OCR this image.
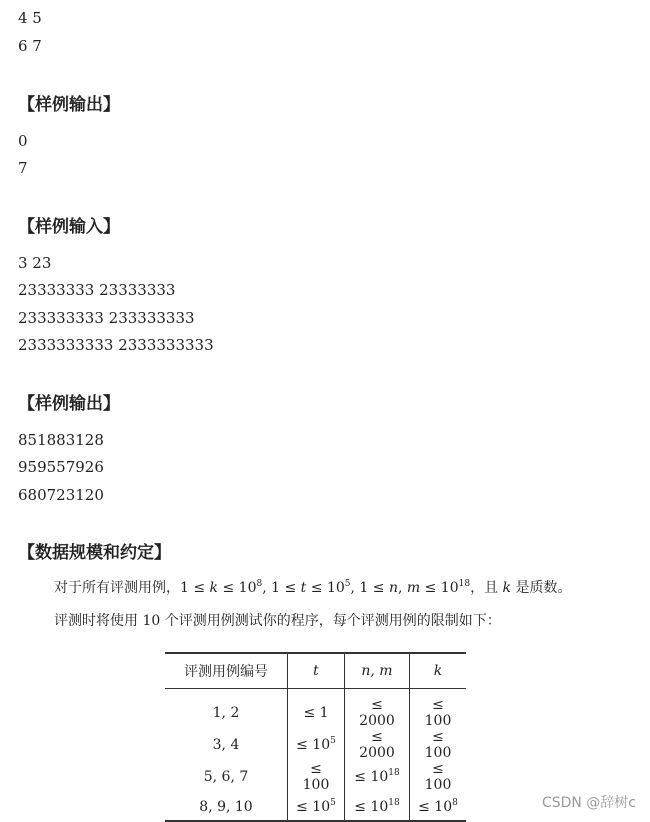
4 5
6 7
【样例输出】
0
7
【样例输入】
3 23
23333333 23333333
233333333 233333333
2333333333 2333333333
【样例输出】
851883128
959557926
680723120
【数据规模和约定】
对于所有评测用例，$1 \le k \le 10^8$, $1 \le t \le 10^5$, 1 ≤ n, $m \le 10^{18}$，且 k 是质数。
评测时将使用 10 个评测用例测试你的程序，每个评测用例的限制如下：
评测用例编号	t	n, m	k
1, 2	≤ 1	≤ 2000	≤ 100
3, 4	≤ $10^5$	≤ 2000	≤ 100
5, 6, 7	≤ 100	≤ $10^{18}$	≤ 100
8, 9, 10	≤ $10^5$	≤ $10^{18}$	≤ $10^8$	CSDN @辞树c
